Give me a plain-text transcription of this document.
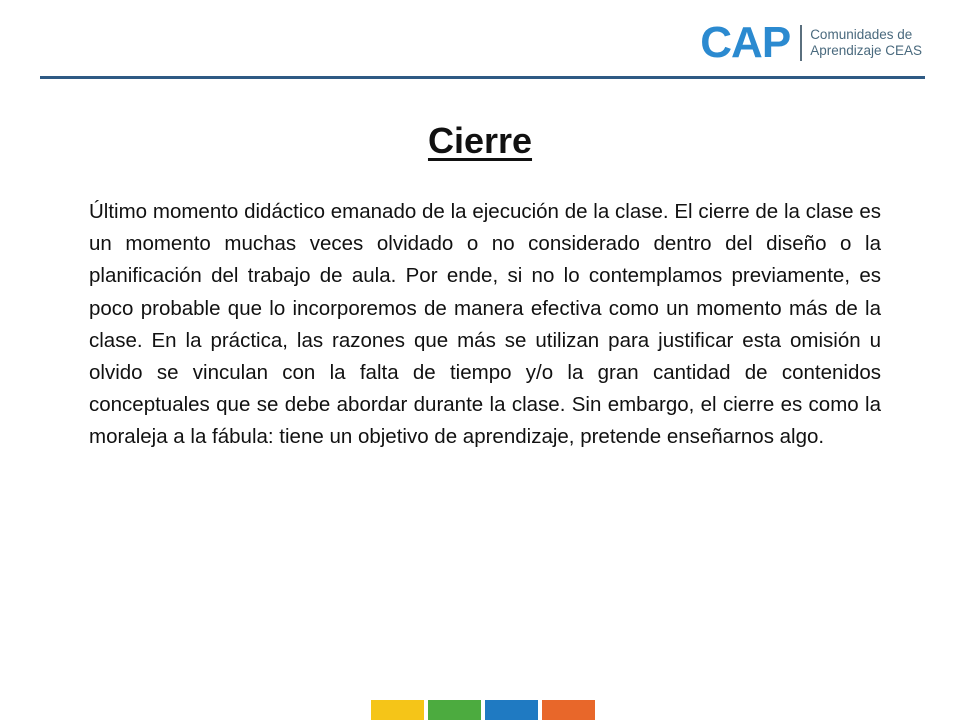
CAP Comunidades de
Aprendizaje CEAS
Cierre

Último momento didáctico emanado de la ejecución de la clase. El cierre de la clase es un momento muchas veces olvidado o no considerado dentro del diseño o la planificación del trabajo de aula. Por ende, si no lo contemplamos previamente, es poco probable que lo incorporemos de manera efectiva como un momento más de la clase. En la práctica, las razones que más se utilizan para justificar esta omisión u olvido se vinculan con la falta de tiempo y/o la gran cantidad de contenidos conceptuales que se debe abordar durante la clase. Sin embargo, el cierre es como la moraleja a la fábula: tiene un objetivo de aprendizaje, pretende enseñarnos algo.
